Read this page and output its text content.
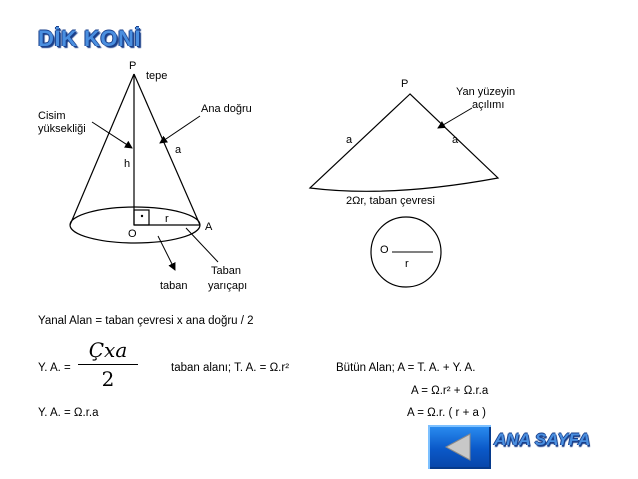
DİK KONİ
P
tepe
Ana doğru
Cisim
yüksekliği
a
h
r
A
O
Taban
taban yarıçapı
P
Yan yüzeyin
açılımı
a	a
2Ωr, taban çevresi
O
r
Yanal Alan = taban çevresi x ana doğru / 2
Y. A. =
Çxa
2	taban alanı; T. A. = Ω.r²	Bütün Alan; A = T. A. + Y. A.
A = Ω.r² + Ω.r.a
Y. A. = Ω.r.a	A = Ω.r. ( r + a )
ANA SAYFA
